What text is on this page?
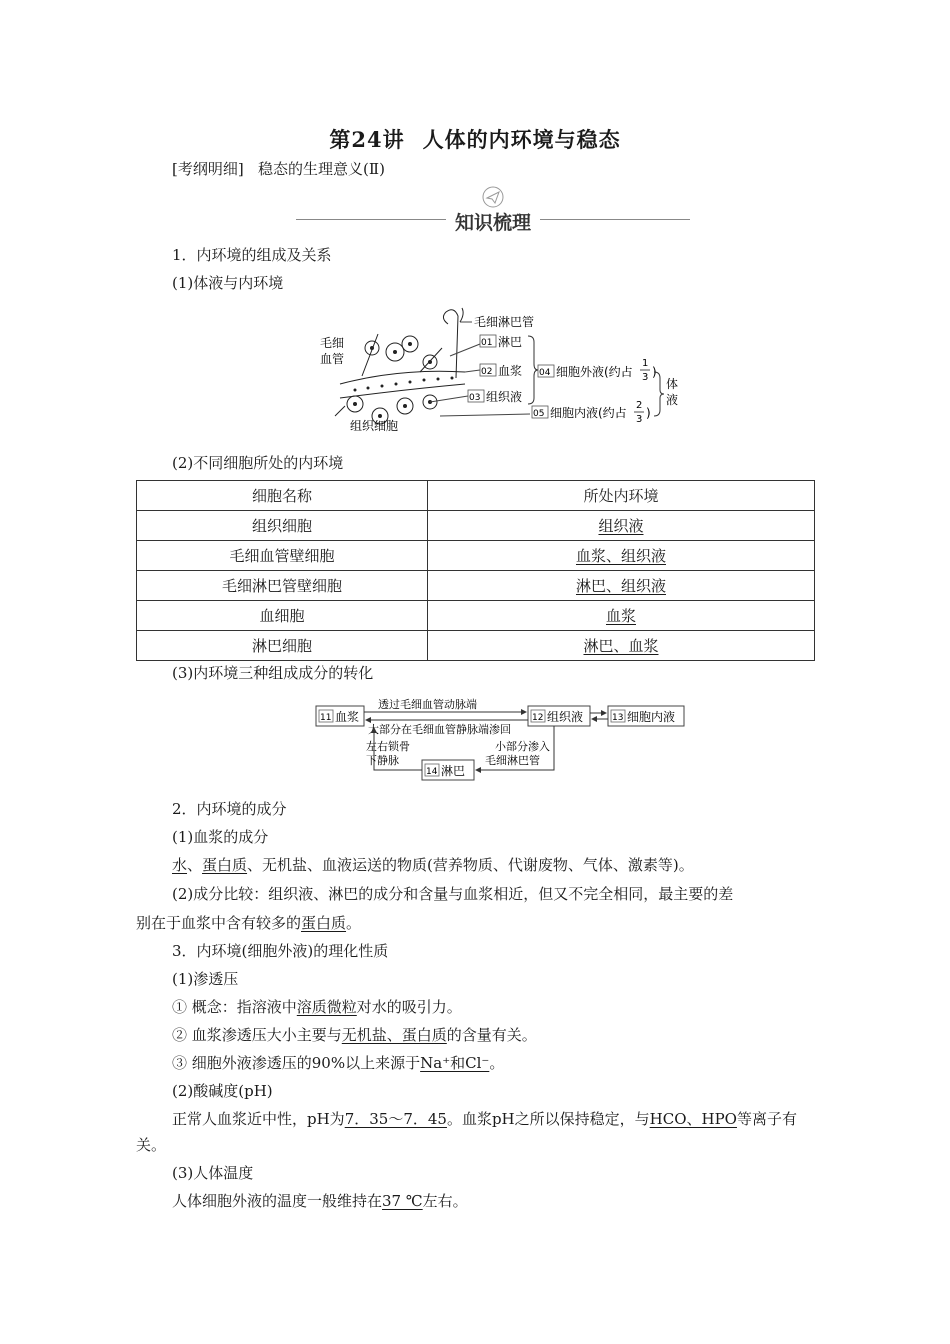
第24讲 人体的内环境与稳态
[考纲明细] 稳态的生理意义(Ⅱ)
知识梳理
1．内环境的组成及关系
(1)体液与内环境
毛细
血管
组织细胞
毛细淋巴管
01 淋巴
02 血浆
03 组织液
04 细胞外液(约占
1
3 )
05 细胞内液(约占
2
3 )
体
液
(2)不同细胞所处的内环境
细胞名称	所处内环境
组织细胞	组织液
毛细血管壁细胞	血浆、组织液
毛细淋巴管壁细胞	淋巴、组织液
血细胞	血浆
淋巴细胞	淋巴、血浆
(3)内环境三种组成成分的转化
11 血浆	12 组织液	13 细胞内液
14 淋巴
透过毛细血管动脉端
大部分在毛细血管静脉端渗回
左右锁骨
下静脉
小部分渗入
毛细淋巴管
2．内环境的成分
(1)血浆的成分
水、蛋白质、无机盐、血液运送的物质(营养物质、代谢废物、气体、激素等)。
(2)成分比较：组织液、淋巴的成分和含量与血浆相近，但又不完全相同，最主要的差
别在于血浆中含有较多的蛋白质。
3．内环境(细胞外液)的理化性质
(1)渗透压
① 概念：指溶液中溶质微粒对水的吸引力。
② 血浆渗透压大小主要与无机盐、蛋白质的含量有关。
③ 细胞外液渗透压的90%以上来源于Na⁺和Cl⁻。
(2)酸碱度(pH)
正常人血浆近中性，pH为7．35～7．45。血浆pH之所以保持稳定，与HCO、HPO等离子有
关。
(3)人体温度
人体细胞外液的温度一般维持在37 ℃左右。
